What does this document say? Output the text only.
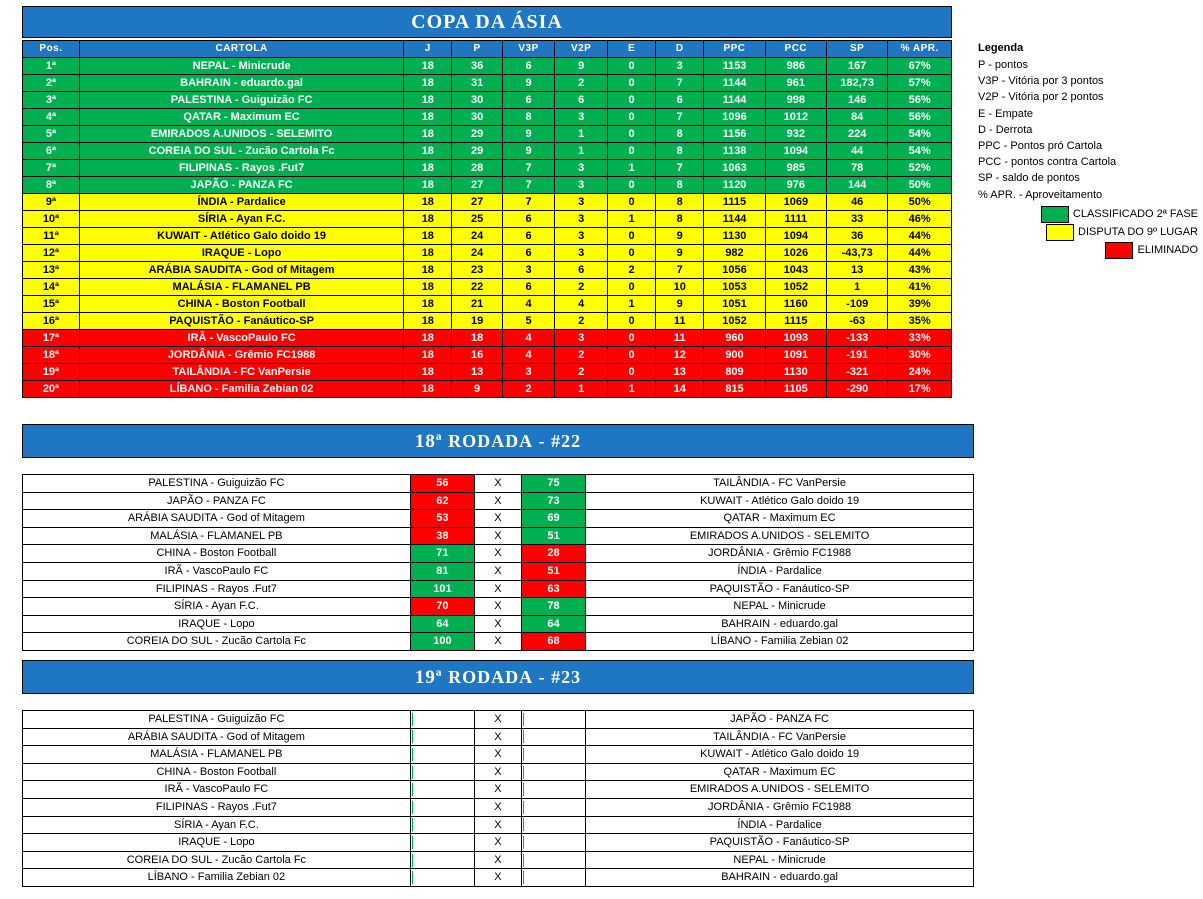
COPA DA ÁSIA
Pos.	CARTOLA	J	P	V3P	V2P	E	D	PPC	PCC	SP	% APR.
1ª	NEPAL - Minicrude	18	36	6	9	0	3	1153	986	167	67%
2ª	BAHRAIN - eduardo.gal	18	31	9	2	0	7	1144	961	182,73	57%
3ª	PALESTINA - Guiguizão FC	18	30	6	6	0	6	1144	998	146	56%
4ª	QATAR - Maximum EC	18	30	8	3	0	7	1096	1012	84	56%
5ª	EMIRADOS A.UNIDOS - SELEMITO	18	29	9	1	0	8	1156	932	224	54%
6ª	COREIA DO SUL - Zucão Cartola Fc	18	29	9	1	0	8	1138	1094	44	54%
7ª	FILIPINAS - Rayos .Fut7	18	28	7	3	1	7	1063	985	78	52%
8ª	JAPÃO - PANZA FC	18	27	7	3	0	8	1120	976	144	50%
9ª	ÍNDIA - Pardalice	18	27	7	3	0	8	1115	1069	46	50%
10ª	SÍRIA - Ayan F.C.	18	25	6	3	1	8	1144	1111	33	46%
11ª	KUWAIT - Atlético Galo doido 19	18	24	6	3	0	9	1130	1094	36	44%
12ª	IRAQUE - Lopo	18	24	6	3	0	9	982	1026	-43,73	44%
13ª	ARÁBIA SAUDITA - God of Mitagem	18	23	3	6	2	7	1056	1043	13	43%
14ª	MALÁSIA - FLAMANEL PB	18	22	6	2	0	10	1053	1052	1	41%
15ª	CHINA - Boston Football	18	21	4	4	1	9	1051	1160	-109	39%
16ª	PAQUISTÃO - Fanáutico-SP	18	19	5	2	0	11	1052	1115	-63	35%
17ª	IRÃ - VascoPaulo FC	18	18	4	3	0	11	960	1093	-133	33%
18ª	JORDÂNIA - Grêmio FC1988	18	16	4	2	0	12	900	1091	-191	30%
19ª	TAILÂNDIA - FC VanPersie	18	13	3	2	0	13	809	1130	-321	24%
20ª	LÍBANO - Familia Zebian 02	18	9	2	1	1	14	815	1105	-290	17%
Legenda
P - pontos
V3P - Vitória por 3 pontos
V2P - Vitória por 2 pontos
E - Empate
D - Derrota
PPC - Pontos pró Cartola
PCC - pontos contra Cartola
SP - saldo de pontos
% APR. - Aproveitamento
CLASSIFICADO 2ª FASE
DISPUTA DO 9º LUGAR
ELIMINADO
18ª RODADA - #22
PALESTINA - Guiguizão FC	56	X	75	TAILÂNDIA - FC VanPersie
JAPÃO - PANZA FC	62	X	73	KUWAIT - Atlético Galo doido 19
ARÁBIA SAUDITA - God of Mitagem	53	X	69	QATAR - Maximum EC
MALÁSIA - FLAMANEL PB	38	X	51	EMIRADOS A.UNIDOS - SELEMITO
CHINA - Boston Football	71	X	28	JORDÂNIA - Grêmio FC1988
IRÃ - VascoPaulo FC	81	X	51	ÍNDIA - Pardalice
FILIPINAS - Rayos .Fut7	101	X	63	PAQUISTÃO - Fanáutico-SP
SÍRIA - Ayan F.C.	70	X	78	NEPAL - Minicrude
IRAQUE - Lopo	64	X	64	BAHRAIN - eduardo.gal
COREIA DO SUL - Zucão Cartola Fc	100	X	68	LÍBANO - Familia Zebian 02
19ª RODADA - #23
PALESTINA - Guiguizão FC		X		JAPÃO - PANZA FC
ARÁBIA SAUDITA - God of Mitagem		X		TAILÂNDIA - FC VanPersie
MALÁSIA - FLAMANEL PB		X		KUWAIT - Atlético Galo doido 19
CHINA - Boston Football		X		QATAR - Maximum EC
IRÃ - VascoPaulo FC		X		EMIRADOS A.UNIDOS - SELEMITO
FILIPINAS - Rayos .Fut7		X		JORDÂNIA - Grêmio FC1988
SÍRIA - Ayan F.C.		X		ÍNDIA - Pardalice
IRAQUE - Lopo		X		PAQUISTÃO - Fanáutico-SP
COREIA DO SUL - Zucão Cartola Fc		X		NEPAL - Minicrude
LÍBANO - Familia Zebian 02		X		BAHRAIN - eduardo.gal
